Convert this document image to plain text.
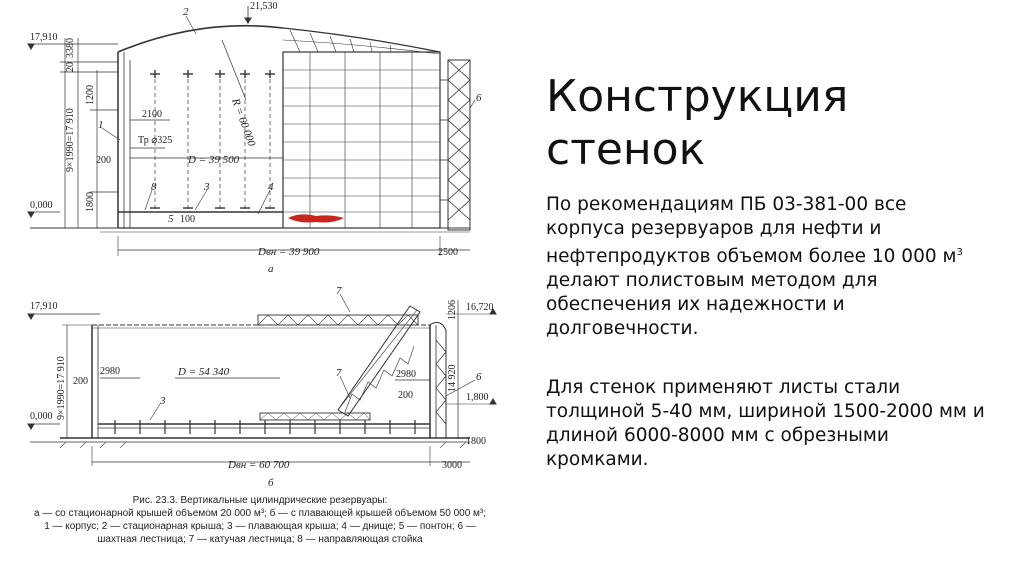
21,530
17,910
0,000
3380
20
1200
9×1990=17 910
1800
200
2100
Тр ⌀325	R = 60 000
D = 39 500
Dвн = 39 900
100
2500
а
1
2
3	4
6
8
5
17,910
0,000 9×1990=17 910 200
2980	D = 54 340	2980
200
7
7
3
6
1206 16,720
14 920
1,800
1800
Dвн = 60 700	3000
б
Рис. 23.3. Вертикальные цилиндрические резервуары:
а — со стационарной крышей объемом 20 000 м³; б — с плавающей крышей объемом 50 000 м³;
1 — корпус; 2 — стационарная крыша; 3 — плавающая крыша; 4 — днище; 5 — понтон; 6 —
шахтная лестница; 7 — катучая лестница; 8 — направляющая стойка
Конструкция
стенок

По рекомендациям ПБ 03-381-00 все корпуса резервуаров для нефти и нефтепродуктов объемом более 10 000 $м^3$ делают полистовым методом для обеспечения их надежности и долговечности.

Для стенок применяют листы стали толщиной 5-40 мм, шириной 1500-2000 мм и длиной 6000-8000 мм с обрезными кромками.
